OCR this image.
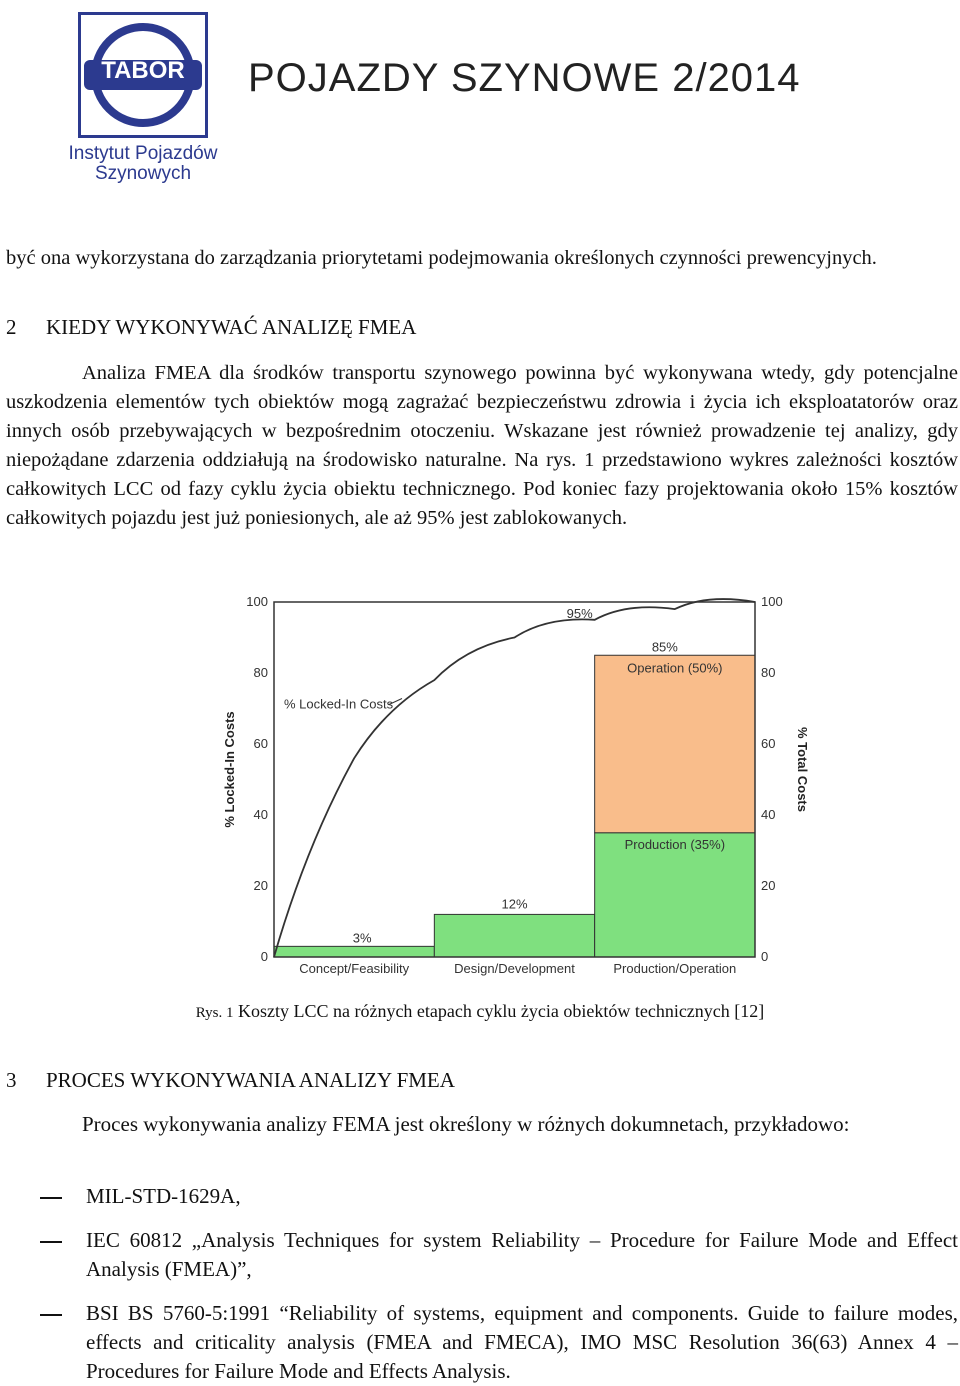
TABOR
Instytut Pojazdów
Szynowych
POJAZDY SZYNOWE 2/2014
być ona wykorzystana do zarządzania priorytetami podejmowania określonych czynności prewencyjnych.
2 KIEDY WYKONYWAĆ ANALIZĘ FMEA
Analiza FMEA dla środków transportu szynowego powinna być wykonywana wtedy, gdy potencjalne uszkodzenia elementów tych obiektów mogą zagrażać bezpieczeństwu zdrowia i życia ich eksploatatorów oraz innych osób przebywających w bezpośrednim otoczeniu. Wskazane jest również prowadzenie tej analizy, gdy niepożądane zdarzenia oddziałują na środowisko naturalne. Na rys. 1 przedstawiono wykres zależności kosztów całkowitych LCC od fazy cyklu życia obiektu technicznego. Pod koniec fazy projektowania około 15% kosztów całkowitych pojazdu jest już poniesionych, ale aż 95% jest zablokowanych.
3%
12%
Production (35%)
Operation (50%)
85%
95%
% Locked-In Costs
0
20
40
60
80
100
0
20
40
60
80
100
% Locked-In Costs	% Total Costs
Concept/Feasibility	Design/Development	Production/Operation
Rys. 1 Koszty LCC na różnych etapach cyklu życia obiektów technicznych [12]
3 PROCES WYKONYWANIA ANALIZY FMEA
Proces wykonywania analizy FEMA jest określony w różnych dokumnetach, przykładowo:
MIL-STD-1629A,
IEC 60812 „Analysis Techniques for system Reliability – Procedure for Failure Mode and Effect Analysis (FMEA)”,
BSI BS 5760-5:1991 “Reliability of systems, equipment and components. Guide to failure modes, effects and criticality analysis (FMEA and FMECA), IMO MSC Resolution 36(63) Annex 4 – Procedures for Failure Mode and Effects Analysis.
